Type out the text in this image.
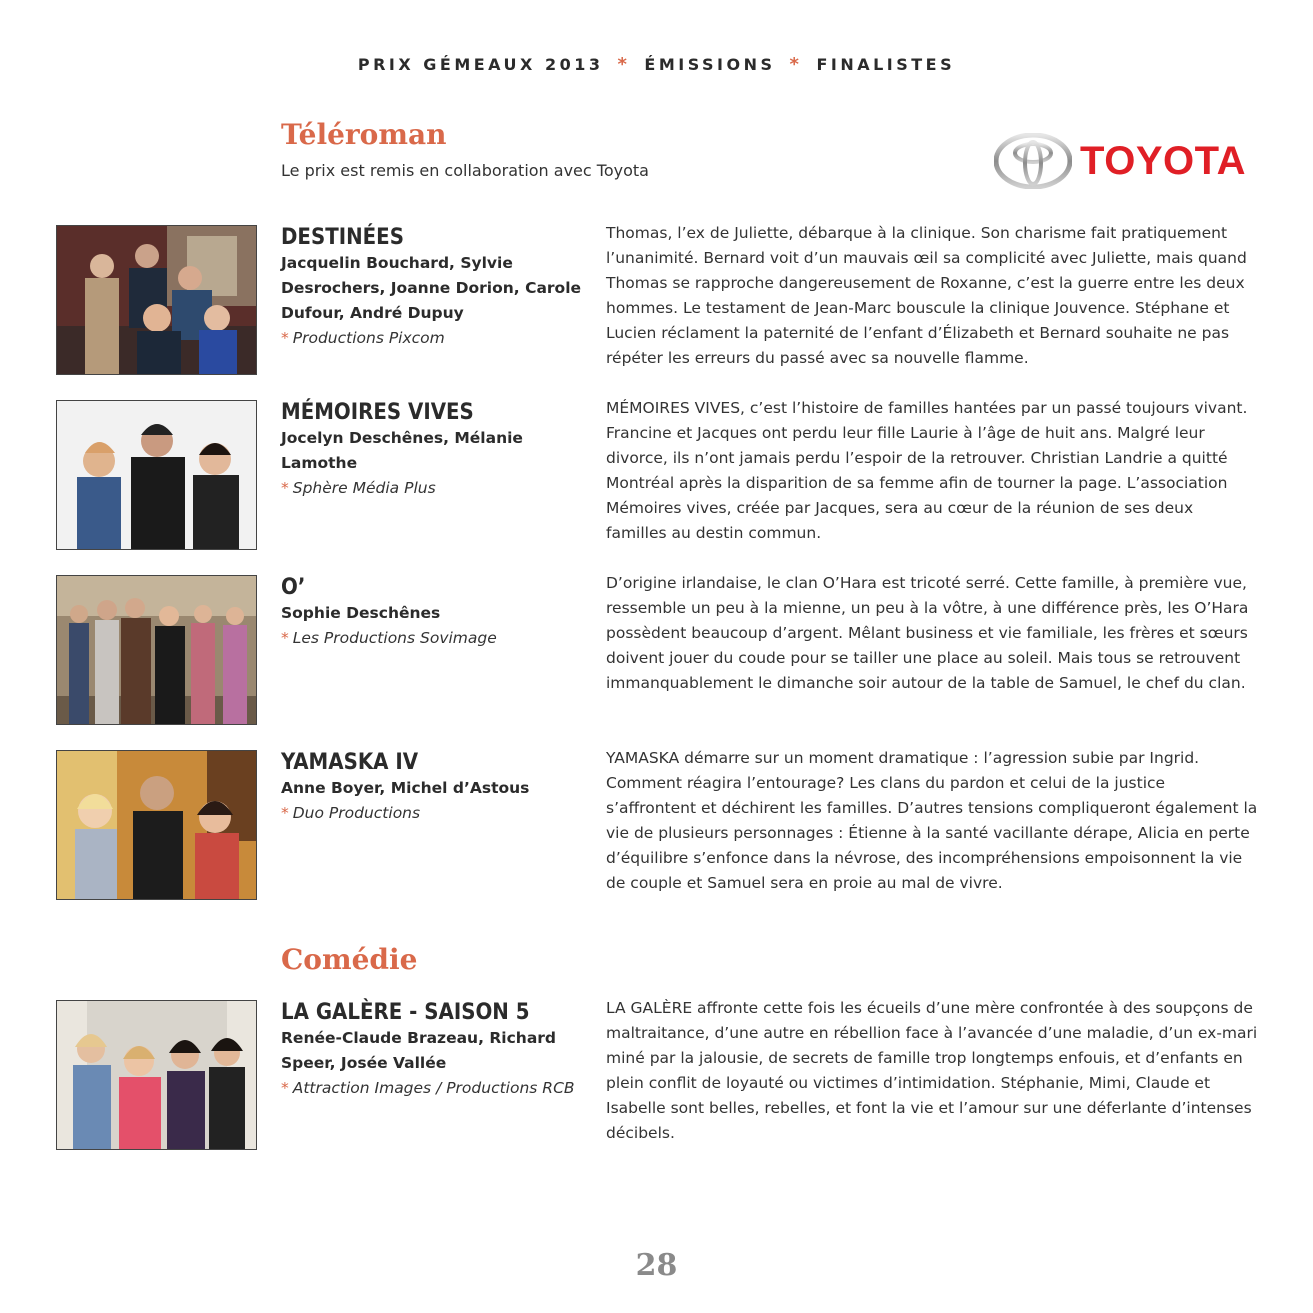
PRIX GÉMEAUX 2013 * ÉMISSIONS * FINALISTES
Téléroman
Le prix est remis en collaboration avec Toyota	TOYOTA
DESTINÉES
Jacquelin Bouchard, Sylvie Desrochers, Joanne Dorion, Carole Dufour, André Dupuy
* Productions Pixcom
Thomas, l’ex de Juliette, débarque à la clinique. Son charisme fait pratiquement l’unanimité. Bernard voit d’un mauvais œil sa complicité avec Juliette, mais quand Thomas se rapproche dangereusement de Roxanne, c’est la guerre entre les deux hommes. Le testament de Jean-Marc bouscule la clinique Jouvence. Stéphane et Lucien réclament la paternité de l’enfant d’Élizabeth et Bernard souhaite ne pas répéter les erreurs du passé avec sa nouvelle flamme.
MÉMOIRES VIVES
Jocelyn Deschênes, Mélanie Lamothe
* Sphère Média Plus
MÉMOIRES VIVES, c’est l’histoire de familles hantées par un passé toujours vivant. Francine et Jacques ont perdu leur fille Laurie à l’âge de huit ans. Malgré leur divorce, ils n’ont jamais perdu l’espoir de la retrouver. Christian Landrie a quitté Montréal après la disparition de sa femme afin de tourner la page. L’association Mémoires vives, créée par Jacques, sera au cœur de la réunion de ses deux familles au destin commun.
O’
Sophie Deschênes
* Les Productions Sovimage
D’origine irlandaise, le clan O’Hara est tricoté serré. Cette famille, à première vue, ressemble un peu à la mienne, un peu à la vôtre, à une différence près, les O’Hara possèdent beaucoup d’argent. Mêlant business et vie familiale, les frères et sœurs doivent jouer du coude pour se tailler une place au soleil. Mais tous se retrouvent immanquablement le dimanche soir autour de la table de Samuel, le chef du clan.
YAMASKA IV
Anne Boyer, Michel d’Astous
* Duo Productions
YAMASKA démarre sur un moment dramatique : l’agression subie par Ingrid. Comment réagira l’entourage? Les clans du pardon et celui de la justice s’affrontent et déchirent les familles. D’autres tensions compliqueront également la vie de plusieurs personnages : Étienne à la santé vacillante dérape, Alicia en perte d’équilibre s’enfonce dans la névrose, des incompréhensions empoisonnent la vie de couple et Samuel sera en proie au mal de vivre.
Comédie
LA GALÈRE - SAISON 5
Renée-Claude Brazeau, Richard Speer, Josée Vallée
* Attraction Images / Productions RCB
LA GALÈRE affronte cette fois les écueils d’une mère confrontée à des soupçons de maltraitance, d’une autre en rébellion face à l’avancée d’une maladie, d’un ex-mari miné par la jalousie, de secrets de famille trop longtemps enfouis, et d’enfants en plein conflit de loyauté ou victimes d’intimidation. Stéphanie, Mimi, Claude et Isabelle sont belles, rebelles, et font la vie et l’amour sur une déferlante d’intenses décibels.
28
